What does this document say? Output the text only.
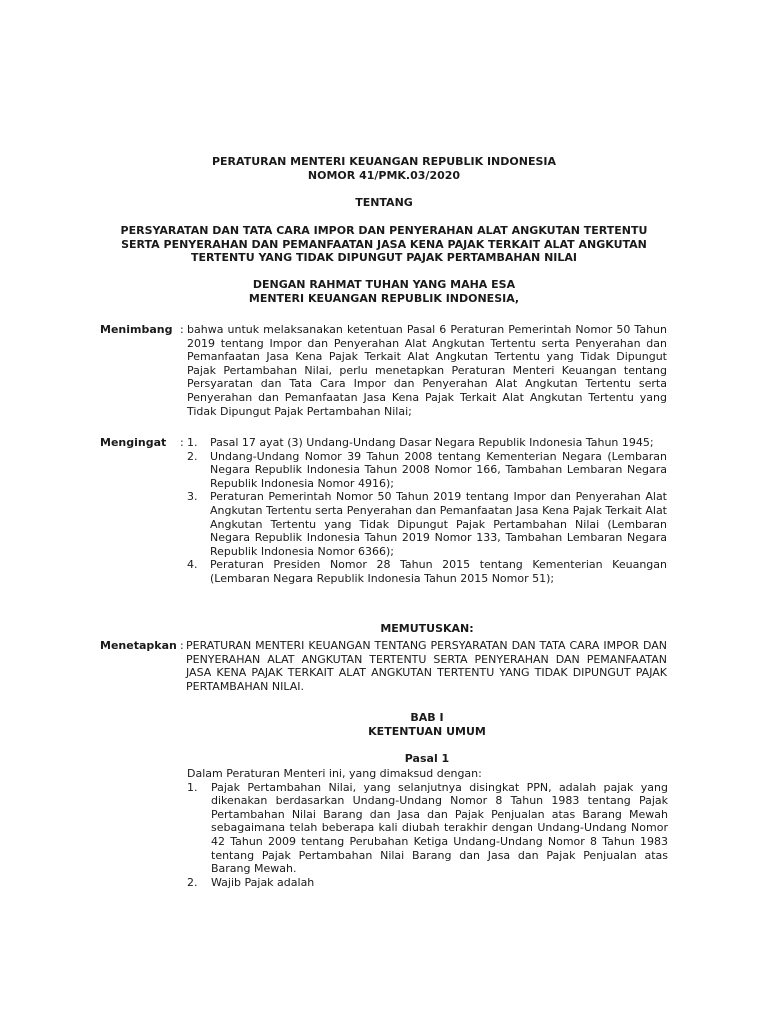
PERATURAN MENTERI KEUANGAN REPUBLIK INDONESIA
NOMOR 41/PMK.03/2020
TENTANG
PERSYARATAN DAN TATA CARA IMPOR DAN PENYERAHAN ALAT ANGKUTAN TERTENTU
SERTA PENYERAHAN DAN PEMANFAATAN JASA KENA PAJAK TERKAIT ALAT ANGKUTAN
TERTENTU YANG TIDAK DIPUNGUT PAJAK PERTAMBAHAN NILAI
DENGAN RAHMAT TUHAN YANG MAHA ESA
MENTERI KEUANGAN REPUBLIK INDONESIA,
Menimbang : bahwa untuk melaksanakan ketentuan Pasal 6 Peraturan Pemerintah Nomor 50 Tahun 2019 tentang Impor dan Penyerahan Alat Angkutan Tertentu serta Penyerahan dan Pemanfaatan Jasa Kena Pajak Terkait Alat Angkutan Tertentu yang Tidak Dipungut Pajak Pertambahan Nilai, perlu menetapkan Peraturan Menteri Keuangan tentang Persyaratan dan Tata Cara Impor dan Penyerahan Alat Angkutan Tertentu serta Penyerahan dan Pemanfaatan Jasa Kena Pajak Terkait Alat Angkutan Tertentu yang Tidak Dipungut Pajak Pertambahan Nilai;
Mengingat : 1. Pasal 17 ayat (3) Undang-Undang Dasar Negara Republik Indonesia Tahun 1945;
2. Undang-Undang Nomor 39 Tahun 2008 tentang Kementerian Negara (Lembaran Negara Republik Indonesia Tahun 2008 Nomor 166, Tambahan Lembaran Negara Republik Indonesia Nomor 4916);
3. Peraturan Pemerintah Nomor 50 Tahun 2019 tentang Impor dan Penyerahan Alat Angkutan Tertentu serta Penyerahan dan Pemanfaatan Jasa Kena Pajak Terkait Alat Angkutan Tertentu yang Tidak Dipungut Pajak Pertambahan Nilai (Lembaran Negara Republik Indonesia Tahun 2019 Nomor 133, Tambahan Lembaran Negara Republik Indonesia Nomor 6366);
4. Peraturan Presiden Nomor 28 Tahun 2015 tentang Kementerian Keuangan (Lembaran Negara Republik Indonesia Tahun 2015 Nomor 51);
MEMUTUSKAN:
Menetapkan : PERATURAN MENTERI KEUANGAN TENTANG PERSYARATAN DAN TATA CARA IMPOR DAN PENYERAHAN ALAT ANGKUTAN TERTENTU SERTA PENYERAHAN DAN PEMANFAATAN JASA KENA PAJAK TERKAIT ALAT ANGKUTAN TERTENTU YANG TIDAK DIPUNGUT PAJAK PERTAMBAHAN NILAI.
BAB I
KETENTUAN UMUM
Pasal 1
Dalam Peraturan Menteri ini, yang dimaksud dengan:
1. Pajak Pertambahan Nilai, yang selanjutnya disingkat PPN, adalah pajak yang dikenakan berdasarkan Undang-Undang Nomor 8 Tahun 1983 tentang Pajak Pertambahan Nilai Barang dan Jasa dan Pajak Penjualan atas Barang Mewah sebagaimana telah beberapa kali diubah terakhir dengan Undang-Undang Nomor 42 Tahun 2009 tentang Perubahan Ketiga Undang-Undang Nomor 8 Tahun 1983 tentang Pajak Pertambahan Nilai Barang dan Jasa dan Pajak Penjualan atas Barang Mewah.
2. Wajib Pajak adalah
